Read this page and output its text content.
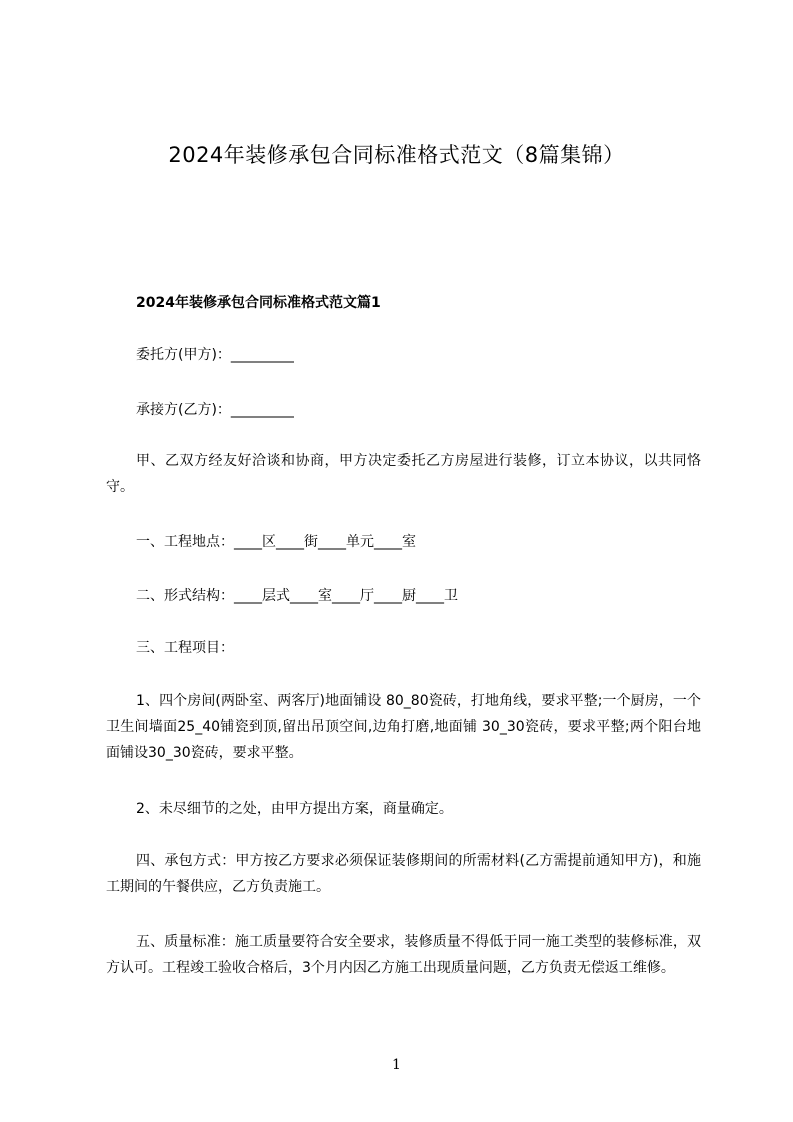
2024年装修承包合同标准格式范文（8篇集锦）
2024年装修承包合同标准格式范文篇1
委托方(甲方)：_________
承接方(乙方)：_________
甲、乙双方经友好洽谈和协商，甲方决定委托乙方房屋进行装修，订立本协议，以共同恪守。
一、工程地点：____区____街____单元____室
二、形式结构：____层式____室____厅____厨____卫
三、工程项目：
1、四个房间(两卧室、两客厅)地面铺设 80_80瓷砖，打地角线，要求平整;一个厨房，一个卫生间墙面25_40铺瓷到顶,留出吊顶空间,边角打磨,地面铺 30_30瓷砖，要求平整;两个阳台地面铺设30_30瓷砖，要求平整。
2、未尽细节的之处，由甲方提出方案，商量确定。
四、承包方式：甲方按乙方要求必须保证装修期间的所需材料(乙方需提前通知甲方)，和施工期间的午餐供应，乙方负责施工。
五、质量标准：施工质量要符合安全要求，装修质量不得低于同一施工类型的装修标准，双方认可。工程竣工验收合格后，3个月内因乙方施工出现质量问题，乙方负责无偿返工维修。
1
